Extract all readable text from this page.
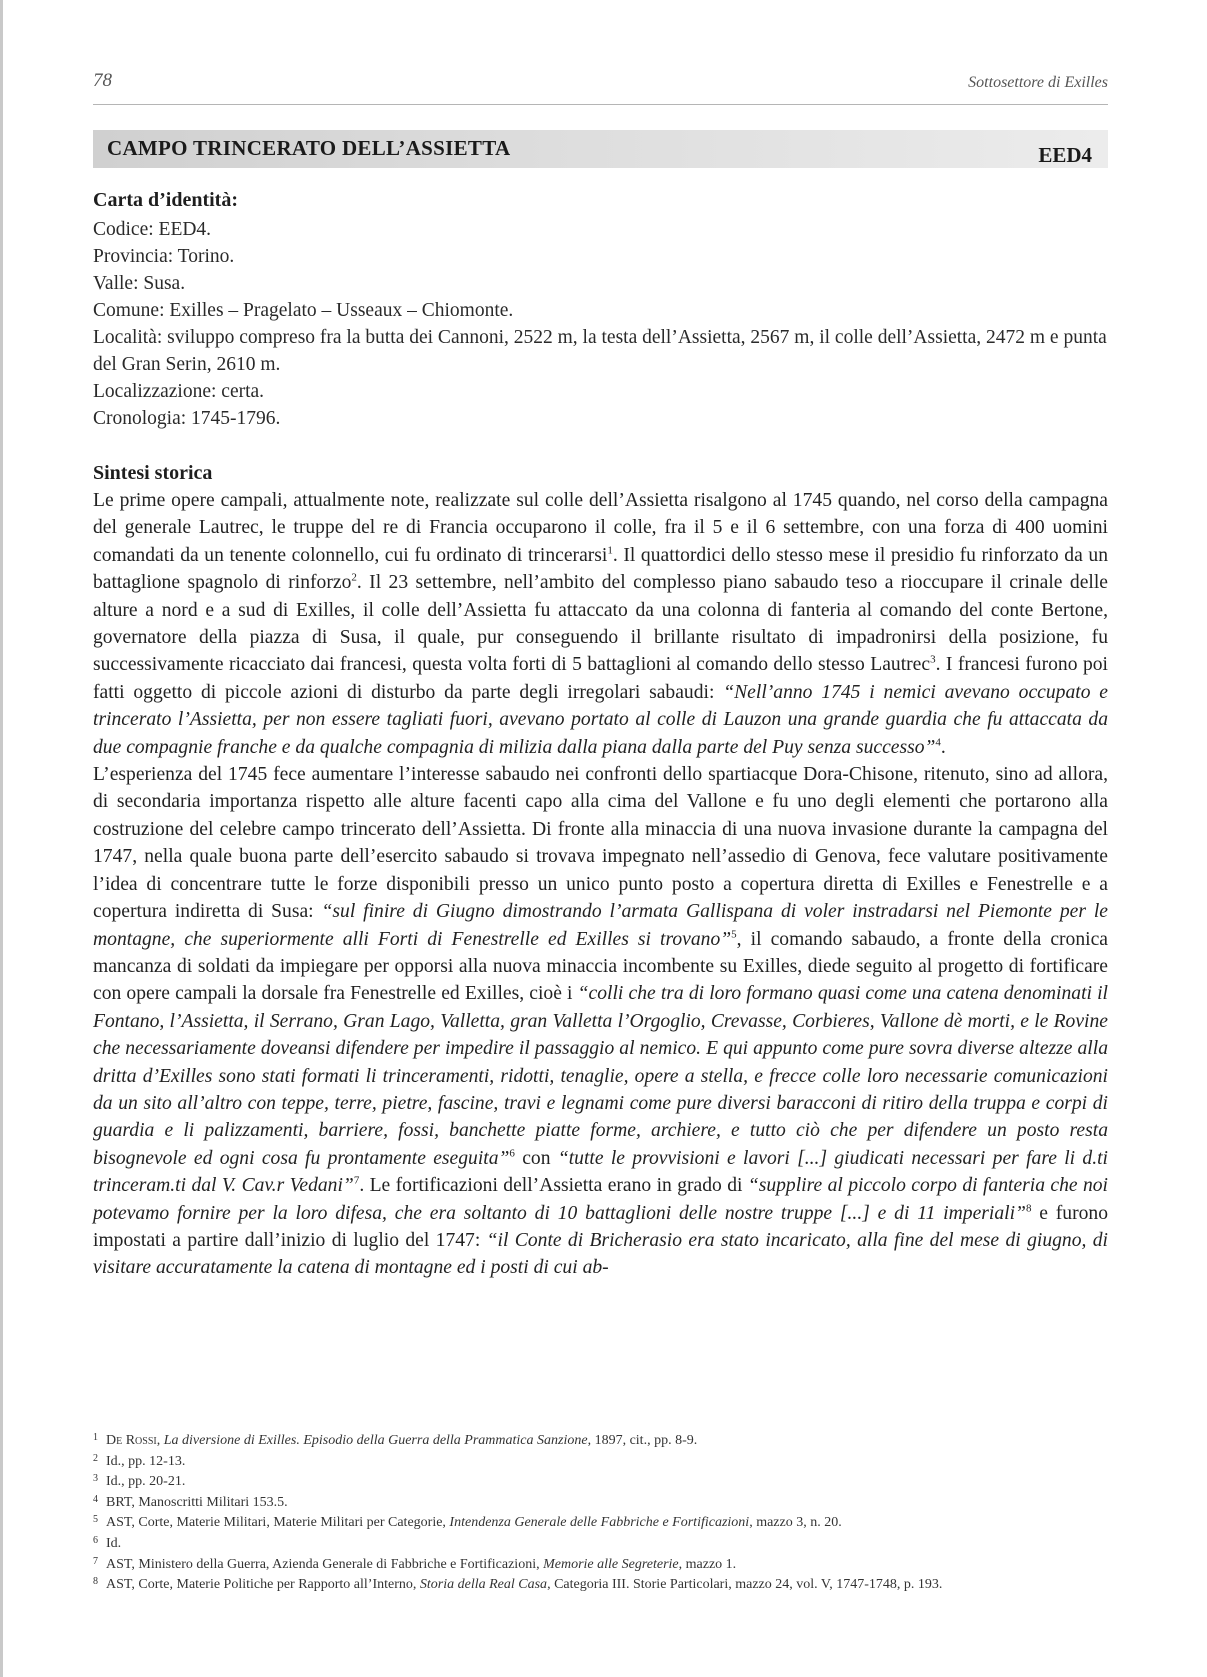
78	Sottosettore di Exilles
CAMPO TRINCERATO DELL’ASSIETTA	EED4
Carta d’identità:
Codice: EED4.
Provincia: Torino.
Valle: Susa.
Comune: Exilles – Pragelato – Usseaux – Chiomonte.
Località: sviluppo compreso fra la butta dei Cannoni, 2522 m, la testa dell’Assietta, 2567 m, il colle dell’Assietta, 2472 m e punta del Gran Serin, 2610 m.
Localizzazione: certa.
Cronologia: 1745-1796.
Sintesi storica

Le prime opere campali, attualmente note, realizzate sul colle dell’Assietta risalgono al 1745 quando, nel corso della campagna del generale Lautrec, le truppe del re di Francia occuparono il colle, fra il 5 e il 6 settembre, con una forza di 400 uomini comandati da un tenente colonnello, cui fu ordinato di trincerarsi$^1$. Il quattordici dello stesso mese il presidio fu rinforzato da un battaglione spagnolo di rinforzo$^2$. Il 23 settembre, nell’ambito del complesso piano sabaudo teso a rioccupare il crinale delle alture a nord e a sud di Exilles, il colle dell’Assietta fu attaccato da una colonna di fanteria al comando del conte Bertone, governatore della piazza di Susa, il quale, pur conseguendo il brillante risultato di impadronirsi della posizione, fu successivamente ricacciato dai francesi, questa volta forti di 5 battaglioni al comando dello stesso Lautrec$^3$. I francesi furono poi fatti oggetto di piccole azioni di disturbo da parte degli irregolari sabaudi: “Nell’anno 1745 i nemici avevano occupato e trincerato l’Assietta, per non essere tagliati fuori, avevano portato al colle di Lauzon una grande guardia che fu attaccata da due compagnie franche e da qualche compagnia di milizia dalla piana dalla parte del Puy senza successo”$^4$.

L’esperienza del 1745 fece aumentare l’interesse sabaudo nei confronti dello spartiacque Dora-Chisone, ritenuto, sino ad allora, di secondaria importanza rispetto alle alture facenti capo alla cima del Vallone e fu uno degli elementi che portarono alla costruzione del celebre campo trincerato dell’Assietta. Di fronte alla minaccia di una nuova invasione durante la campagna del 1747, nella quale buona parte dell’esercito sabaudo si trovava impegnato nell’assedio di Genova, fece valutare positivamente l’idea di concentrare tutte le forze disponibili presso un unico punto posto a copertura diretta di Exilles e Fenestrelle e a copertura indiretta di Susa: “sul finire di Giugno dimostrando l’armata Gallispana di voler instradarsi nel Piemonte per le montagne, che superiormente alli Forti di Fenestrelle ed Exilles si trovano”$^5$, il comando sabaudo, a fronte della cronica mancanza di soldati da impiegare per opporsi alla nuova minaccia incombente su Exilles, diede seguito al progetto di fortificare con opere campali la dorsale fra Fenestrelle ed Exilles, cioè i “colli che tra di loro formano quasi come una catena denominati il Fontano, l’Assietta, il Serrano, Gran Lago, Valletta, gran Valletta l’Orgoglio, Crevasse, Corbieres, Vallone dè morti, e le Rovine che necessariamente doveansi difendere per impedire il passaggio al nemico. E qui appunto come pure sovra diverse altezze alla dritta d’Exilles sono stati formati li trinceramenti, ridotti, tenaglie, opere a stella, e frecce colle loro necessarie comunicazioni da un sito all’altro con teppe, terre, pietre, fascine, travi e legnami come pure diversi baracconi di ritiro della truppa e corpi di guardia e li palizzamenti, barriere, fossi, banchette piatte forme, archiere, e tutto ciò che per difendere un posto resta bisognevole ed ogni cosa fu prontamente eseguita”$^6$ con “tutte le provvisioni e lavori [...] giudicati necessari per fare li d.ti trinceram.ti dal V. Cav.r Vedani”$^7$. Le fortificazioni dell’Assietta erano in grado di “supplire al piccolo corpo di fanteria che noi potevamo fornire per la loro difesa, che era soltanto di 10 battaglioni delle nostre truppe [...] e di 11 imperiali”$^8$ e furono impostati a partire dall’inizio di luglio del 1747: “il Conte di Bricherasio era stato incaricato, alla fine del mese di giugno, di visitare accuratamente la catena di montagne ed i posti di cui ab-

1 De Rossi, La diversione di Exilles. Episodio della Guerra della Prammatica Sanzione, 1897, cit., pp. 8-9.
2 Id., pp. 12-13.
3 Id., pp. 20-21.
4 BRT, Manoscritti Militari 153.5.
5 AST, Corte, Materie Militari, Materie Militari per Categorie, Intendenza Generale delle Fabbriche e Fortificazioni, mazzo 3, n. 20.
6 Id.
7 AST, Ministero della Guerra, Azienda Generale di Fabbriche e Fortificazioni, Memorie alle Segreterie, mazzo 1.
8 AST, Corte, Materie Politiche per Rapporto all’Interno, Storia della Real Casa, Categoria III. Storie Particolari, mazzo 24, vol. V, 1747-1748, p. 193.
